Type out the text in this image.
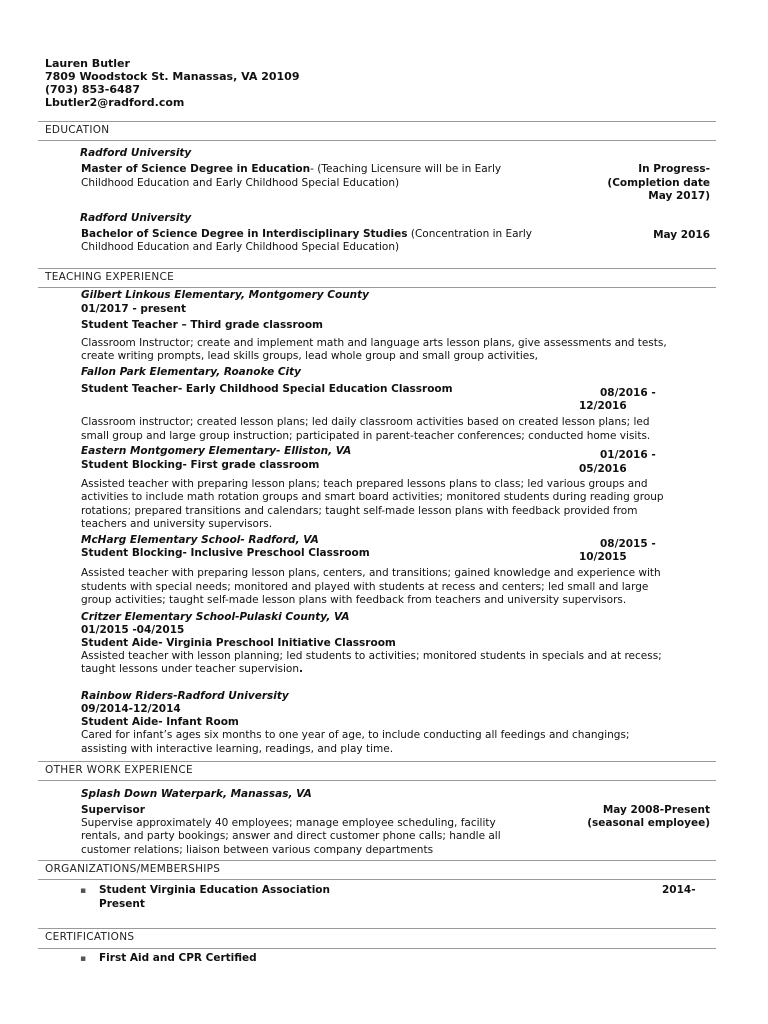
Lauren Butler
7809 Woodstock St. Manassas, VA 20109
(703) 853-6487
Lbutler2@radford.com
EDUCATION
Radford University
Master of Science Degree in Education- (Teaching Licensure will be in Early
Childhood Education and Early Childhood Special Education)
In Progress-
(Completion date
May 2017)
Radford University
Bachelor of Science Degree in Interdisciplinary Studies (Concentration in Early
Childhood Education and Early Childhood Special Education)
May 2016
TEACHING EXPERIENCE
Gilbert Linkous Elementary, Montgomery County
01/2017 - present
Student Teacher – Third grade classroom
Classroom Instructor; create and implement math and language arts lesson plans, give assessments and tests,
create writing prompts, lead skills groups, lead whole group and small group activities,
Fallon Park Elementary, Roanoke City
Student Teacher- Early Childhood Special Education Classroom	08/2016 -
12/2016
Classroom instructor; created lesson plans; led daily classroom activities based on created lesson plans; led
small group and large group instruction; participated in parent-teacher conferences; conducted home visits.
Eastern Montgomery Elementary- Elliston, VA
Student Blocking- First grade classroom
01/2016 -
05/2016
Assisted teacher with preparing lesson plans; teach prepared lessons plans to class; led various groups and
activities to include math rotation groups and smart board activities; monitored students during reading group
rotations; prepared transitions and calendars; taught self-made lesson plans with feedback provided from
teachers and university supervisors.
McHarg Elementary School- Radford, VA
Student Blocking- Inclusive Preschool Classroom
08/2015 -
10/2015
Assisted teacher with preparing lesson plans, centers, and transitions; gained knowledge and experience with
students with special needs; monitored and played with students at recess and centers; led small and large
group activities; taught self-made lesson plans with feedback from teachers and university supervisors.
Critzer Elementary School-Pulaski County, VA
01/2015 -04/2015
Student Aide- Virginia Preschool Initiative Classroom
Assisted teacher with lesson planning; led students to activities; monitored students in specials and at recess;
taught lessons under teacher supervision.
Rainbow Riders-Radford University
09/2014-12/2014
Student Aide- Infant Room
Cared for infant’s ages six months to one year of age, to include conducting all feedings and changings;
assisting with interactive learning, readings, and play time.
OTHER WORK EXPERIENCE
Splash Down Waterpark, Manassas, VA
Supervisor	May 2008-Present
(seasonal employee)
Supervise approximately 40 employees; manage employee scheduling, facility
rentals, and party bookings; answer and direct customer phone calls; handle all
customer relations; liaison between various company departments
ORGANIZATIONS/MEMBERSHIPS
▪ Student Virginia Education Association	2014-
Present
CERTIFICATIONS
▪ First Aid and CPR Certified
